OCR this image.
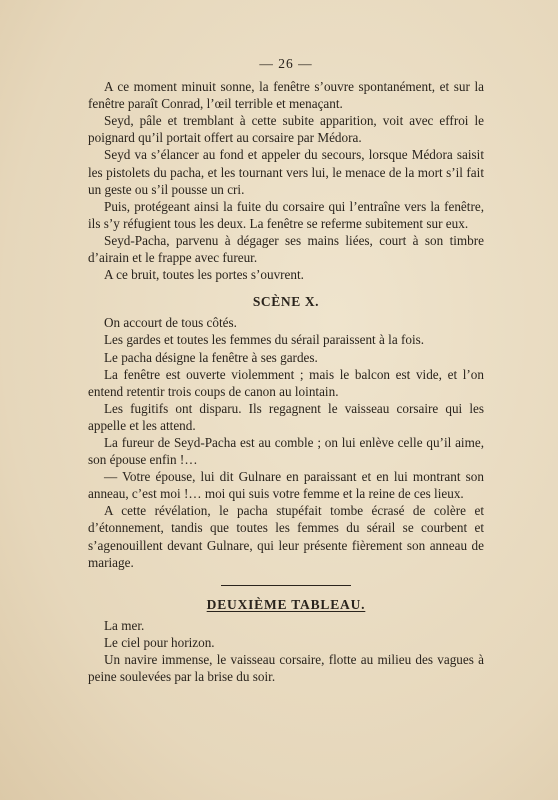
— 26 —

A ce moment minuit sonne, la fenêtre s’ouvre spontanément, et sur la fenêtre paraît Conrad, l’œil terrible et menaçant.

Seyd, pâle et tremblant à cette subite apparition, voit avec effroi le poignard qu’il portait offert au corsaire par Médora.

Seyd va s’élancer au fond et appeler du secours, lorsque Médora saisit les pistolets du pacha, et les tournant vers lui, le menace de la mort s’il fait un geste ou s’il pousse un cri.

Puis, protégeant ainsi la fuite du corsaire qui l’entraîne vers la fenêtre, ils s’y réfugient tous les deux. La fenêtre se referme subitement sur eux.

Seyd-Pacha, parvenu à dégager ses mains liées, court à son timbre d’airain et le frappe avec fureur.

A ce bruit, toutes les portes s’ouvrent.

SCÈNE X.

On accourt de tous côtés.

Les gardes et toutes les femmes du sérail paraissent à la fois.

Le pacha désigne la fenêtre à ses gardes.

La fenêtre est ouverte violemment ; mais le balcon est vide, et l’on entend retentir trois coups de canon au lointain.

Les fugitifs ont disparu. Ils regagnent le vaisseau corsaire qui les appelle et les attend.

La fureur de Seyd-Pacha est au comble ; on lui enlève celle qu’il aime, son épouse enfin !…

— Votre épouse, lui dit Gulnare en paraissant et en lui montrant son anneau, c’est moi !… moi qui suis votre femme et la reine de ces lieux.

A cette révélation, le pacha stupéfait tombe écrasé de colère et d’étonnement, tandis que toutes les femmes du sérail se courbent et s’agenouillent devant Gulnare, qui leur présente fièrement son anneau de mariage.

DEUXIÈME TABLEAU.

La mer.

Le ciel pour horizon.

Un navire immense, le vaisseau corsaire, flotte au milieu des vagues à peine soulevées par la brise du soir.
